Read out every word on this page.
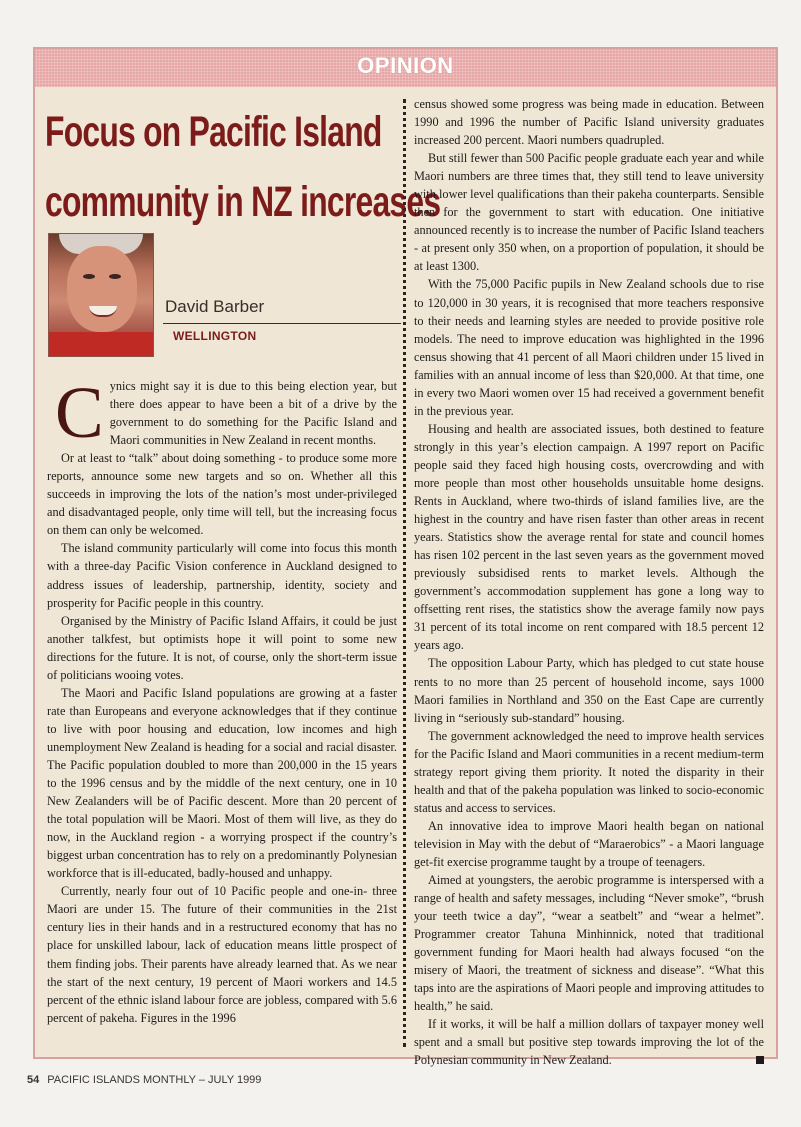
OPINION
Focus on Pacific Island
community in NZ increases
David Barber
WELLINGTON

Cynics might say it is due to this being election year, but there does appear to have been a bit of a drive by the government to do something for the Pacific Island and Maori communities in New Zealand in recent months.

Or at least to “talk” about doing something - to produce some more reports, announce some new targets and so on. Whether all this succeeds in improving the lots of the nation’s most under-privileged and disadvantaged people, only time will tell, but the increasing focus on them can only be welcomed.

The island community particularly will come into focus this month with a three-day Pacific Vision conference in Auckland designed to address issues of leadership, partnership, identity, society and prosperity for Pacific people in this country.

Organised by the Ministry of Pacific Island Affairs, it could be just another talkfest, but optimists hope it will point to some new directions for the future. It is not, of course, only the short-term issue of politicians wooing votes.

The Maori and Pacific Island populations are growing at a faster rate than Europeans and everyone acknowledges that if they continue to live with poor housing and education, low incomes and high unemployment New Zealand is heading for a social and racial disaster. The Pacific population doubled to more than 200,000 in the 15 years to the 1996 census and by the middle of the next century, one in 10 New Zealanders will be of Pacific descent. More than 20 percent of the total population will be Maori. Most of them will live, as they do now, in the Auckland region - a worrying prospect if the country’s biggest urban concentration has to rely on a predominantly Polynesian workforce that is ill-educated, badly-housed and unhappy.

Currently, nearly four out of 10 Pacific people and one-in- three Maori are under 15. The future of their communities in the 21st century lies in their hands and in a restructured economy that has no place for unskilled labour, lack of education means little prospect of them finding jobs. Their parents have already learned that. As we near the start of the next century, 19 percent of Maori workers and 14.5 percent of the ethnic island labour force are jobless, compared with 5.6 percent of pakeha. Figures in the 1996

census showed some progress was being made in education. Between 1990 and 1996 the number of Pacific Island university graduates increased 200 percent. Maori numbers quadrupled.

But still fewer than 500 Pacific people graduate each year and while Maori numbers are three times that, they still tend to leave university with lower level qualifications than their pakeha counterparts. Sensible then for the government to start with education. One initiative announced recently is to increase the number of Pacific Island teachers - at present only 350 when, on a proportion of population, it should be at least 1300.

With the 75,000 Pacific pupils in New Zealand schools due to rise to 120,000 in 30 years, it is recognised that more teachers responsive to their needs and learning styles are needed to provide positive role models. The need to improve education was highlighted in the 1996 census showing that 41 percent of all Maori children under 15 lived in families with an annual income of less than $20,000. At that time, one in every two Maori women over 15 had received a government benefit in the previous year.

Housing and health are associated issues, both destined to feature strongly in this year’s election campaign. A 1997 report on Pacific people said they faced high housing costs, overcrowding and with more people than most other households unsuitable home designs. Rents in Auckland, where two-thirds of island families live, are the highest in the country and have risen faster than other areas in recent years. Statistics show the average rental for state and council homes has risen 102 percent in the last seven years as the government moved previously subsidised rents to market levels. Although the government’s accommodation supplement has gone a long way to offsetting rent rises, the statistics show the average family now pays 31 percent of its total income on rent compared with 18.5 percent 12 years ago.

The opposition Labour Party, which has pledged to cut state house rents to no more than 25 percent of household income, says 1000 Maori families in Northland and 350 on the East Cape are currently living in “seriously sub-standard” housing.

The government acknowledged the need to improve health services for the Pacific Island and Maori communities in a recent medium-term strategy report giving them priority. It noted the disparity in their health and that of the pakeha population was linked to socio-economic status and access to services.

An innovative idea to improve Maori health began on national television in May with the debut of “Maraerobics” - a Maori language get-fit exercise programme taught by a troupe of teenagers.

Aimed at youngsters, the aerobic programme is interspersed with a range of health and safety messages, including “Never smoke”, “brush your teeth twice a day”, “wear a seatbelt” and “wear a helmet”. Programmer creator Tahuna Minhinnick, noted that traditional government funding for Maori health had always focused “on the misery of Maori, the treatment of sickness and disease”. “What this taps into are the aspirations of Maori people and improving attitudes to health,” he said.

If it works, it will be half a million dollars of taxpayer money well spent and a small but positive step towards improving the lot of the Polynesian community in New Zealand.

54 PACIFIC ISLANDS MONTHLY – JULY 1999
